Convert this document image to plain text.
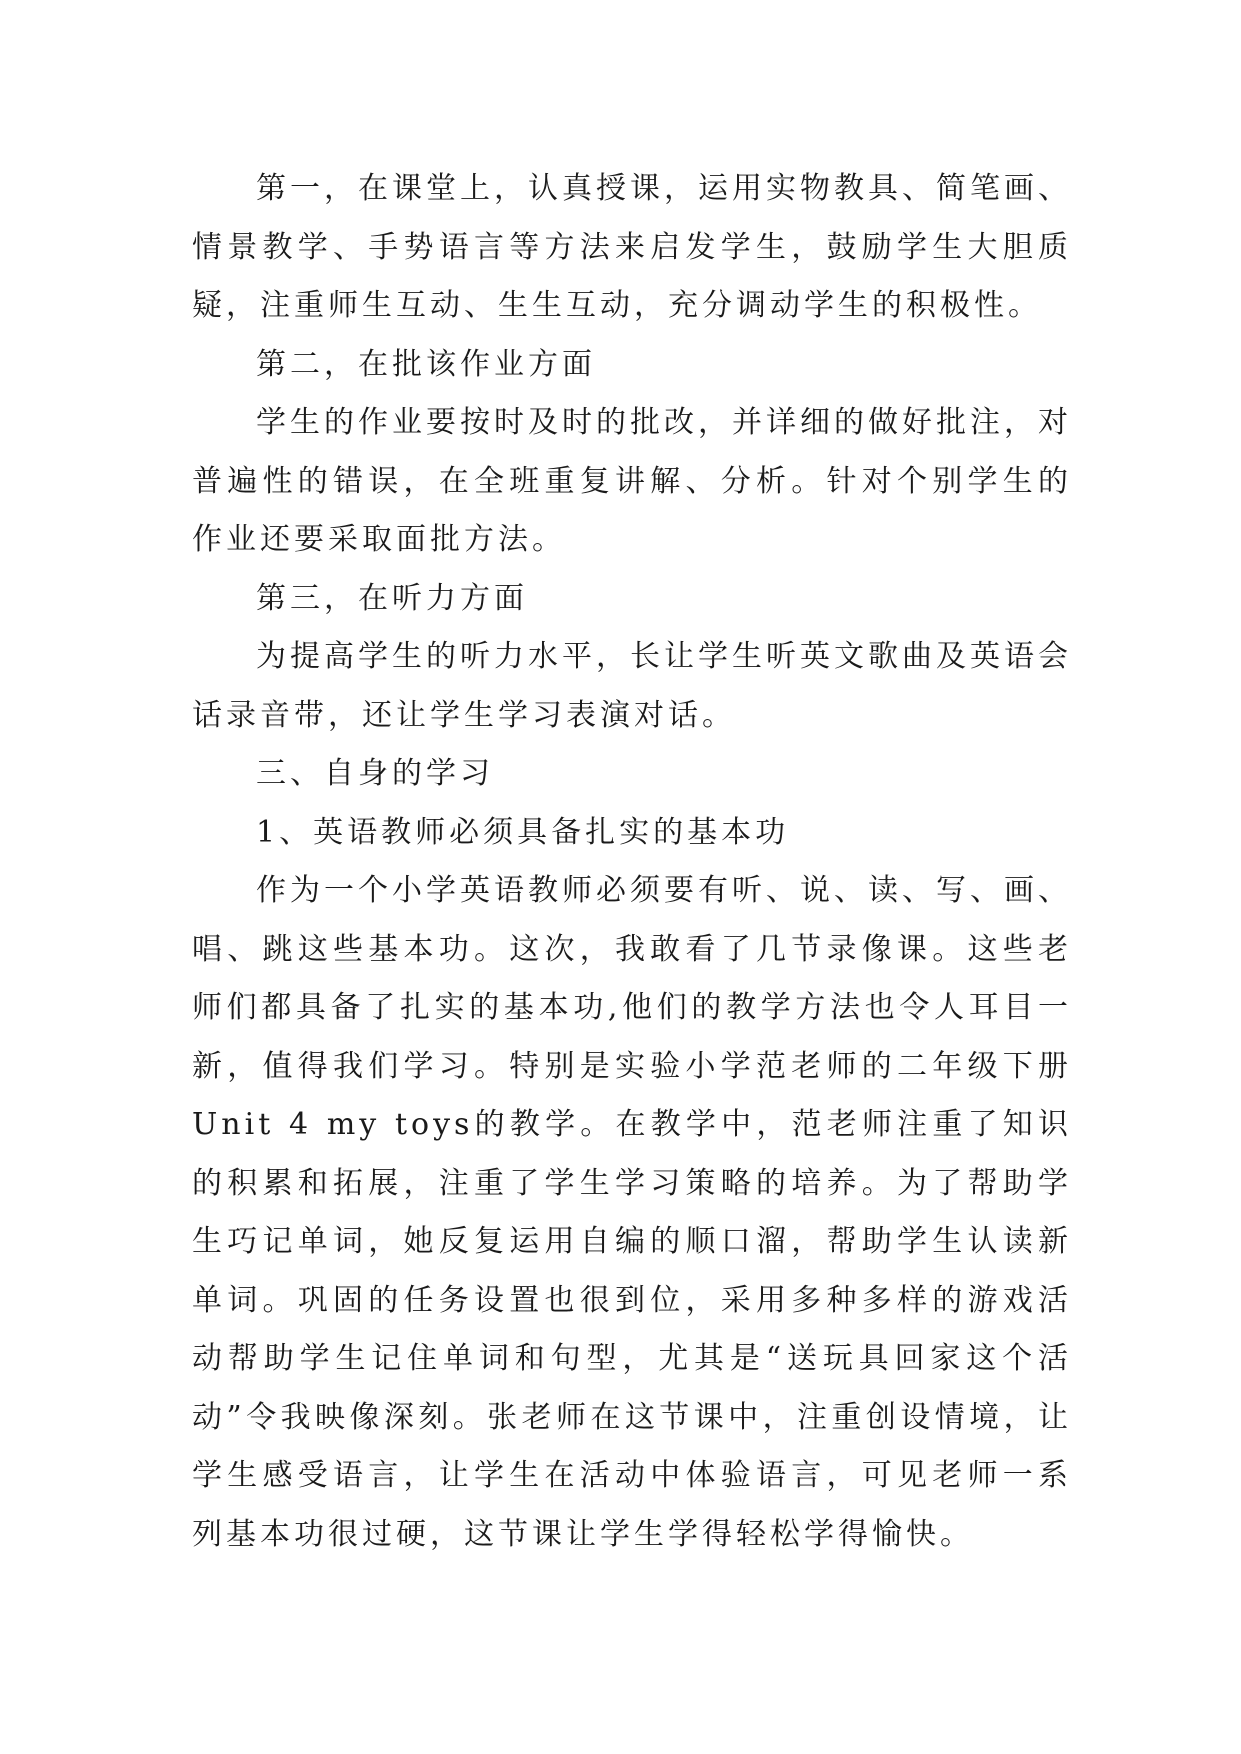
第一，在课堂上，认真授课，运用实物教具、简笔画、情景教学、手势语言等方法来启发学生，鼓励学生大胆质疑，注重师生互动、生生互动，充分调动学生的积极性。

第二，在批该作业方面

学生的作业要按时及时的批改，并详细的做好批注，对普遍性的错误，在全班重复讲解、分析。针对个别学生的作业还要采取面批方法。

第三，在听力方面

为提高学生的听力水平，长让学生听英文歌曲及英语会话录音带，还让学生学习表演对话。

三、自身的学习

1、英语教师必须具备扎实的基本功

作为一个小学英语教师必须要有听、说、读、写、画、唱、跳这些基本功。这次，我敢看了几节录像课。这些老师们都具备了扎实的基本功,他们的教学方法也令人耳目一新，值得我们学习。特别是实验小学范老师的二年级下册Unit 4 my toys的教学。在教学中，范老师注重了知识的积累和拓展，注重了学生学习策略的培养。为了帮助学生巧记单词，她反复运用自编的顺口溜，帮助学生认读新单词。巩固的任务设置也很到位，采用多种多样的游戏活动帮助学生记住单词和句型，尤其是“送玩具回家这个活动”令我映像深刻。张老师在这节课中，注重创设情境，让学生感受语言，让学生在活动中体验语言，可见老师一系列基本功很过硬，这节课让学生学得轻松学得愉快。
